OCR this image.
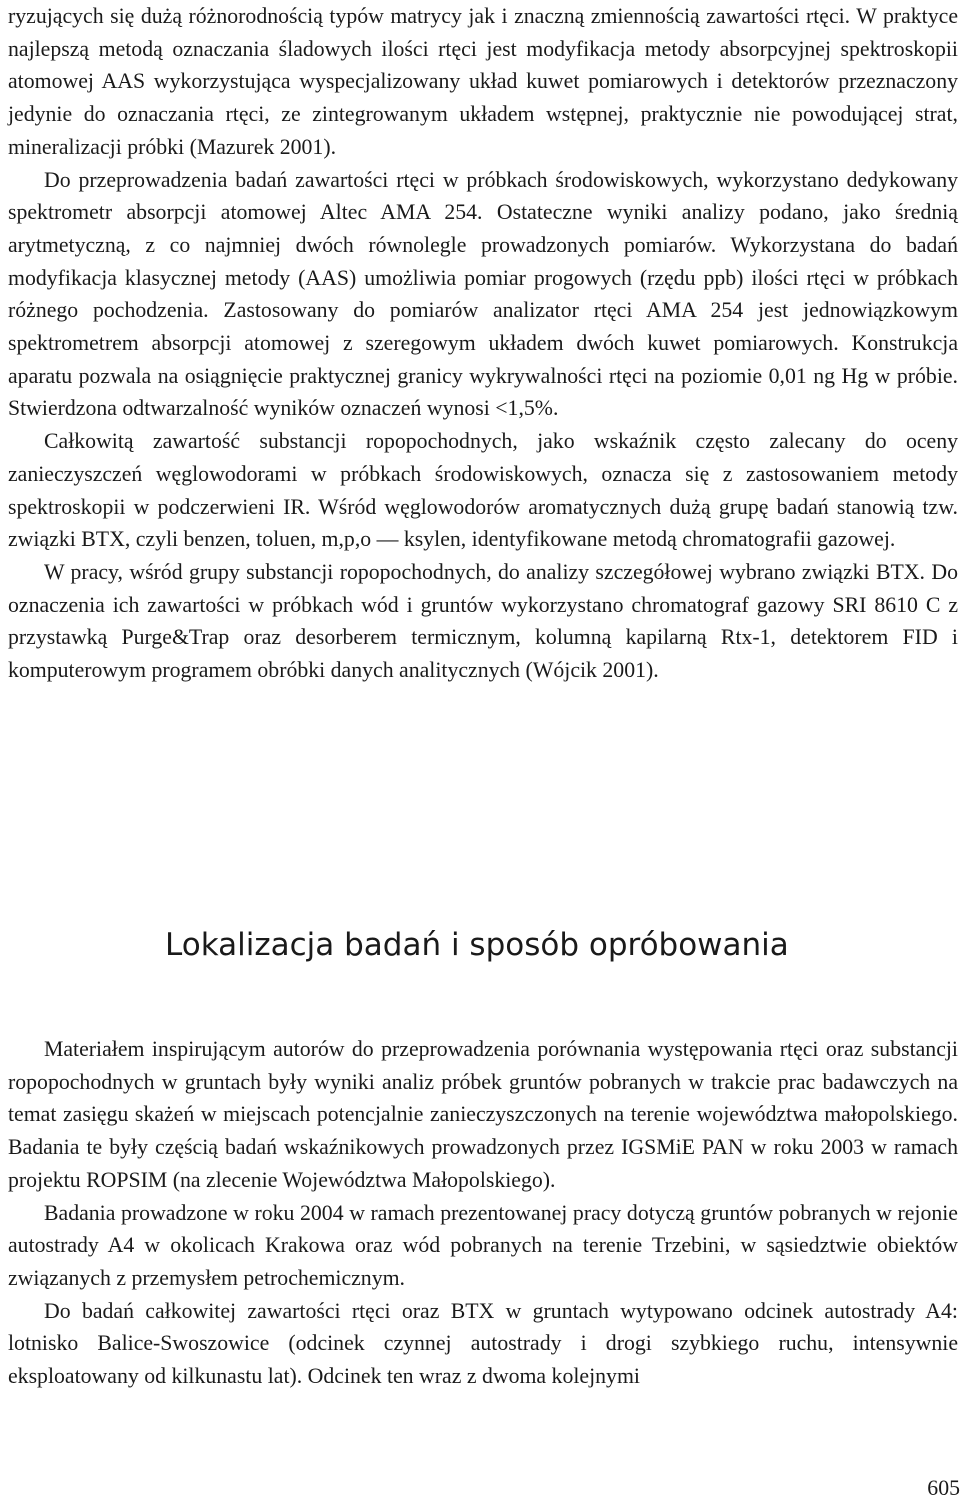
ryzujących się dużą różnorodnością typów matrycy jak i znaczną zmiennością zawartości rtęci. W praktyce najlepszą metodą oznaczania śladowych ilości rtęci jest modyfikacja metody absorpcyjnej spektroskopii atomowej AAS wykorzystująca wyspecjalizowany układ kuwet pomiarowych i detektorów przeznaczony jedynie do oznaczania rtęci, ze zintegrowanym układem wstępnej, praktycznie nie powodującej strat, mineralizacji próbki (Mazurek 2001).

Do przeprowadzenia badań zawartości rtęci w próbkach środowiskowych, wykorzystano dedykowany spektrometr absorpcji atomowej Altec AMA 254. Ostateczne wyniki analizy podano, jako średnią arytmetyczną, z co najmniej dwóch równolegle prowadzonych pomiarów. Wykorzystana do badań modyfikacja klasycznej metody (AAS) umożliwia pomiar progowych (rzędu ppb) ilości rtęci w próbkach różnego pochodzenia. Zastosowany do pomiarów analizator rtęci AMA 254 jest jednowiązkowym spektrometrem absorpcji atomowej z szeregowym układem dwóch kuwet pomiarowych. Konstrukcja aparatu pozwala na osiągnięcie praktycznej granicy wykrywalności rtęci na poziomie 0,01 ng Hg w próbie. Stwierdzona odtwarzalność wyników oznaczeń wynosi <1,5%.

Całkowitą zawartość substancji ropopochodnych, jako wskaźnik często zalecany do oceny zanieczyszczeń węglowodorami w próbkach środowiskowych, oznacza się z zastosowaniem metody spektroskopii w podczerwieni IR. Wśród węglowodorów aromatycznych dużą grupę badań stanowią tzw. związki BTX, czyli benzen, toluen, m,p,o — ksylen, identyfikowane metodą chromatografii gazowej.

W pracy, wśród grupy substancji ropopochodnych, do analizy szczegółowej wybrano związki BTX. Do oznaczenia ich zawartości w próbkach wód i gruntów wykorzystano chromatograf gazowy SRI 8610 C z przystawką Purge&Trap oraz desorberem termicznym, kolumną kapilarną Rtx-1, detektorem FID i komputerowym programem obróbki danych analitycznych (Wójcik 2001).

Lokalizacja badań i sposób opróbowania

Materiałem inspirującym autorów do przeprowadzenia porównania występowania rtęci oraz substancji ropopochodnych w gruntach były wyniki analiz próbek gruntów pobranych w trakcie prac badawczych na temat zasięgu skażeń w miejscach potencjalnie zanieczyszczonych na terenie województwa małopolskiego. Badania te były częścią badań wskaźnikowych prowadzonych przez IGSMiE PAN w roku 2003 w ramach projektu ROPSIM (na zlecenie Województwa Małopolskiego).

Badania prowadzone w roku 2004 w ramach prezentowanej pracy dotyczą gruntów pobranych w rejonie autostrady A4 w okolicach Krakowa oraz wód pobranych na terenie Trzebini, w sąsiedztwie obiektów związanych z przemysłem petrochemicznym.

Do badań całkowitej zawartości rtęci oraz BTX w gruntach wytypowano odcinek autostrady A4: lotnisko Balice-Swoszowice (odcinek czynnej autostrady i drogi szybkiego ruchu, intensywnie eksploatowany od kilkunastu lat). Odcinek ten wraz z dwoma kolejnymi

605
